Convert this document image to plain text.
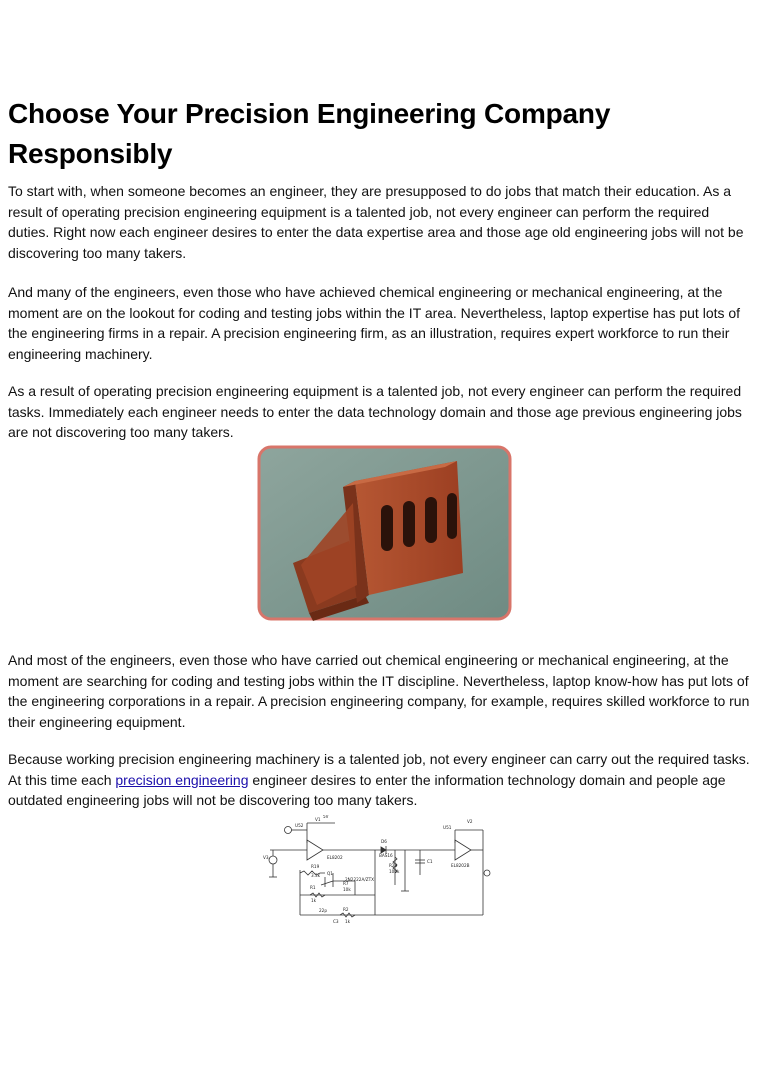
Choose Your Precision Engineering Company Responsibly

To start with, when someone becomes an engineer, they are presupposed to do jobs that match their education. As a result of operating precision engineering equipment is a talented job, not every engineer can perform the required duties. Right now each engineer desires to enter the data expertise area and those age old engineering jobs will not be discovering too many takers.

And many of the engineers, even those who have achieved chemical engineering or mechanical engineering, at the moment are on the lookout for coding and testing jobs within the IT area. Nevertheless, laptop expertise has put lots of the engineering firms in a repair. A precision engineering firm, as an illustration, requires expert workforce to run their engineering machinery.

As a result of operating precision engineering equipment is a talented job, not every engineer can perform the required tasks. Immediately each engineer needs to enter the data technology domain and those age previous engineering jobs are not discovering too many takers.

And most of the engineers, even those who have carried out chemical engineering or mechanical engineering, at the moment are searching for coding and testing jobs within the IT discipline. Nevertheless, laptop know-how has put lots of the engineering corporations in a repair. A precision engineering company, for example, requires skilled workforce to run their engineering equipment.

Because working precision engineering machinery is a talented job, not every engineer can carry out the required tasks. At this time each precision engineering engineer desires to enter the information technology domain and people age outdated engineering jobs will not be discovering too many takers.

U52
V1
5V
EL8202
R19
3.3k Q1
R1
1k
R7
10k
22p	R2
C3 1k
D6
BAS16
R23
100k
C1
2N2222A/ZTX
V3
U51
V2
EL8202B
